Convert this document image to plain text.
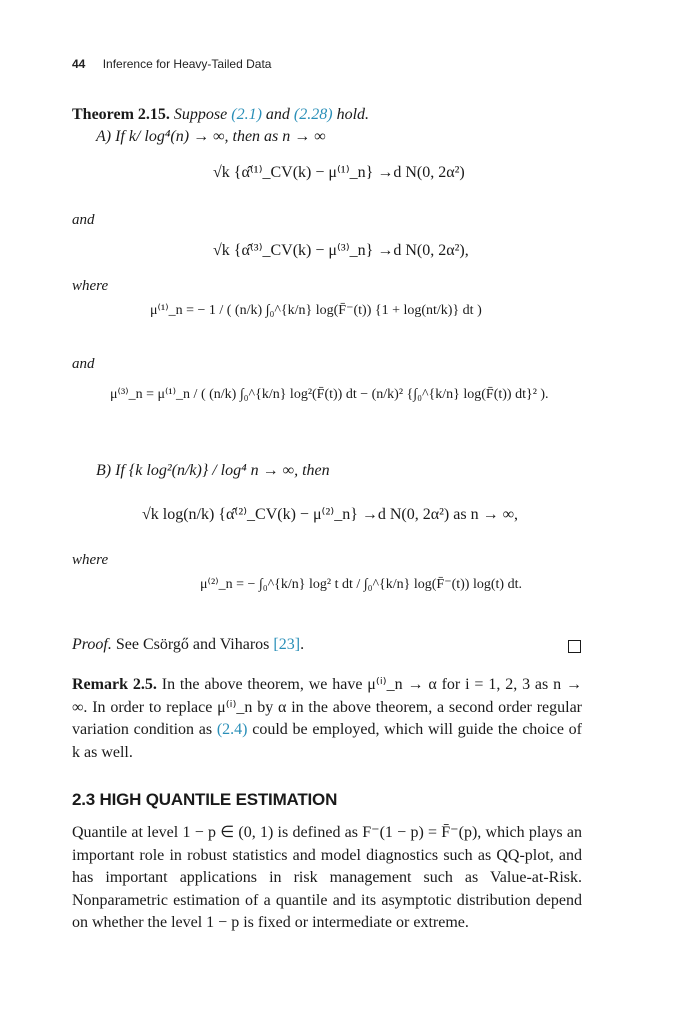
44 Inference for Heavy-Tailed Data
Theorem 2.15. Suppose (2.1) and (2.28) hold.
A) If k/ log⁴(n) → ∞, then as n → ∞
√k {α̂⁽¹⁾_CV(k) − μ⁽¹⁾_n} →d N(0, 2α²)
and
√k {α̂⁽³⁾_CV(k) − μ⁽³⁾_n} →d N(0, 2α²),
where
μ⁽¹⁾_n = − 1 / ( (n/k) ∫₀^{k/n} log(F̄⁻(t)) {1 + log(nt/k)} dt )
and
μ⁽³⁾_n = μ⁽¹⁾_n / ( (n/k) ∫₀^{k/n} log²(F̄(t)) dt − (n/k)² {∫₀^{k/n} log(F̄(t)) dt}² ).
B) If {k log²(n/k)} / log⁴ n → ∞, then
√k log(n/k) {α̂⁽²⁾_CV(k) − μ⁽²⁾_n} →d N(0, 2α²) as n → ∞,
where
μ⁽²⁾_n = − ∫₀^{k/n} log² t dt / ∫₀^{k/n} log(F̄⁻(t)) log(t) dt.
Proof. See Csörgő and Viharos [23].
Remark 2.5. In the above theorem, we have μ⁽ⁱ⁾_n → α for i = 1, 2, 3 as n → ∞. In order to replace μ⁽ⁱ⁾_n by α in the above theorem, a second order regular variation condition as (2.4) could be employed, which will guide the choice of k as well.
2.3 HIGH QUANTILE ESTIMATION
Quantile at level 1 − p ∈ (0, 1) is defined as F⁻(1 − p) = F̄⁻(p), which plays an important role in robust statistics and model diagnostics such as QQ-plot, and has important applications in risk management such as Value-at-Risk. Nonparametric estimation of a quantile and its asymptotic distribution depend on whether the level 1 − p is fixed or intermediate or extreme.
